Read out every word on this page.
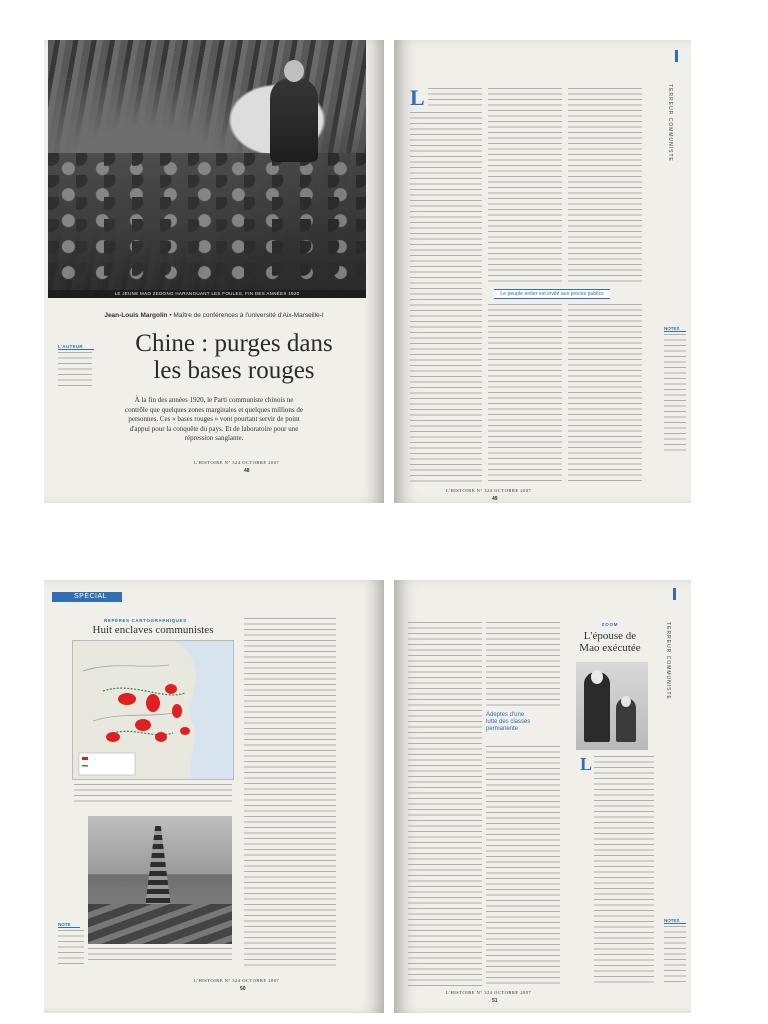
LE JEUNE MAO ZEDONG HARANGUANT LES FOULES, FIN DES ANNÉES 1920
Jean-Louis Margolin • Maître de conférences à l'université d'Aix-Marseille-I
L'AUTEUR	Chine : purges dans
les bases rouges

À la fin des années 1920, le Parti communiste chinois ne contrôle que quelques zones marginales et quelques millions de personnes. Ces « bases rouges » vont pourtant servir de point d'appui pour la conquête du pays. Et de laboratoire pour une répression sanglante.

L'HISTOIRE N° 324 OCTOBRE 2007
48
TERREUR COMMUNISTE
L
Le peuple entier est invité aux procès publics
NOTES
L'HISTOIRE N° 324 OCTOBRE 2007
49
SPÉCIAL
REPÈRES CARTOGRAPHIQUES
Huit enclaves communistes
NOTE
L'HISTOIRE N° 324 OCTOBRE 2007
50
TERREUR COMMUNISTE
Adeptes d'une lutte des classes permanente
ZOOM
L'épouse de
Mao exécutée
L
NOTES
L'HISTOIRE N° 324 OCTOBRE 2007
51
